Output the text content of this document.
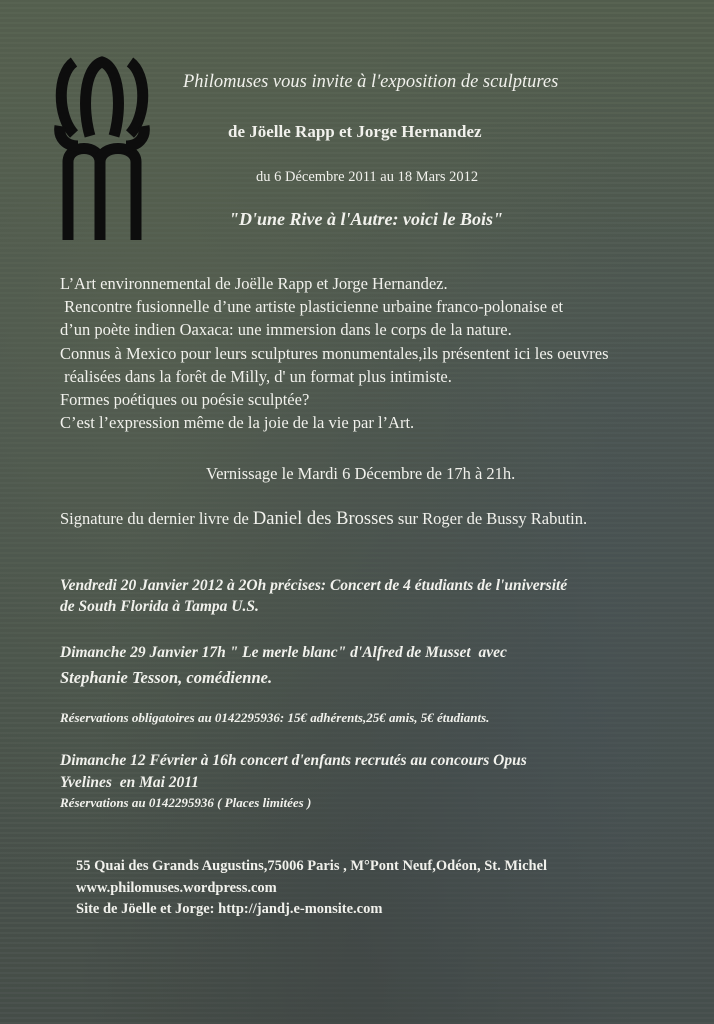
Philomuses vous invite à l'exposition de sculptures
de Jöelle Rapp et Jorge Hernandez
du 6 Décembre 2011 au 18 Mars 2012
"D'une Rive à l'Autre: voici le Bois"
L’Art environnemental de Joëlle Rapp et Jorge Hernandez.
Rencontre fusionnelle d’une artiste plasticienne urbaine franco-polonaise et
d’un poète indien Oaxaca: une immersion dans le corps de la nature.
Connus à Mexico pour leurs sculptures monumentales,ils présentent ici les oeuvres
réalisées dans la forêt de Milly, d' un format plus intimiste.
Formes poétiques ou poésie sculptée?
C’est l’expression même de la joie de la vie par l’Art.
Vernissage le Mardi 6 Décembre de 17h à 21h.
Signature du dernier livre de Daniel des Brosses sur Roger de Bussy Rabutin.
Vendredi 20 Janvier 2012 à 2Oh précises: Concert de 4 étudiants de l'université
de South Florida à Tampa U.S.
Dimanche 29 Janvier 17h " Le merle blanc" d'Alfred de Musset  avec
Stephanie Tesson, comédienne.
Réservations obligatoires au 0142295936: 15€ adhérents,25€ amis, 5€ étudiants.
Dimanche 12 Février à 16h concert d'enfants recrutés au concours Opus
Yvelines  en Mai 2011
Réservations au 0142295936 ( Places limitées )
55 Quai des Grands Augustins,75006 Paris , M°Pont Neuf,Odéon, St. Michel
www.philomuses.wordpress.com
Site de Jöelle et Jorge: http://jandj.e-monsite.com
